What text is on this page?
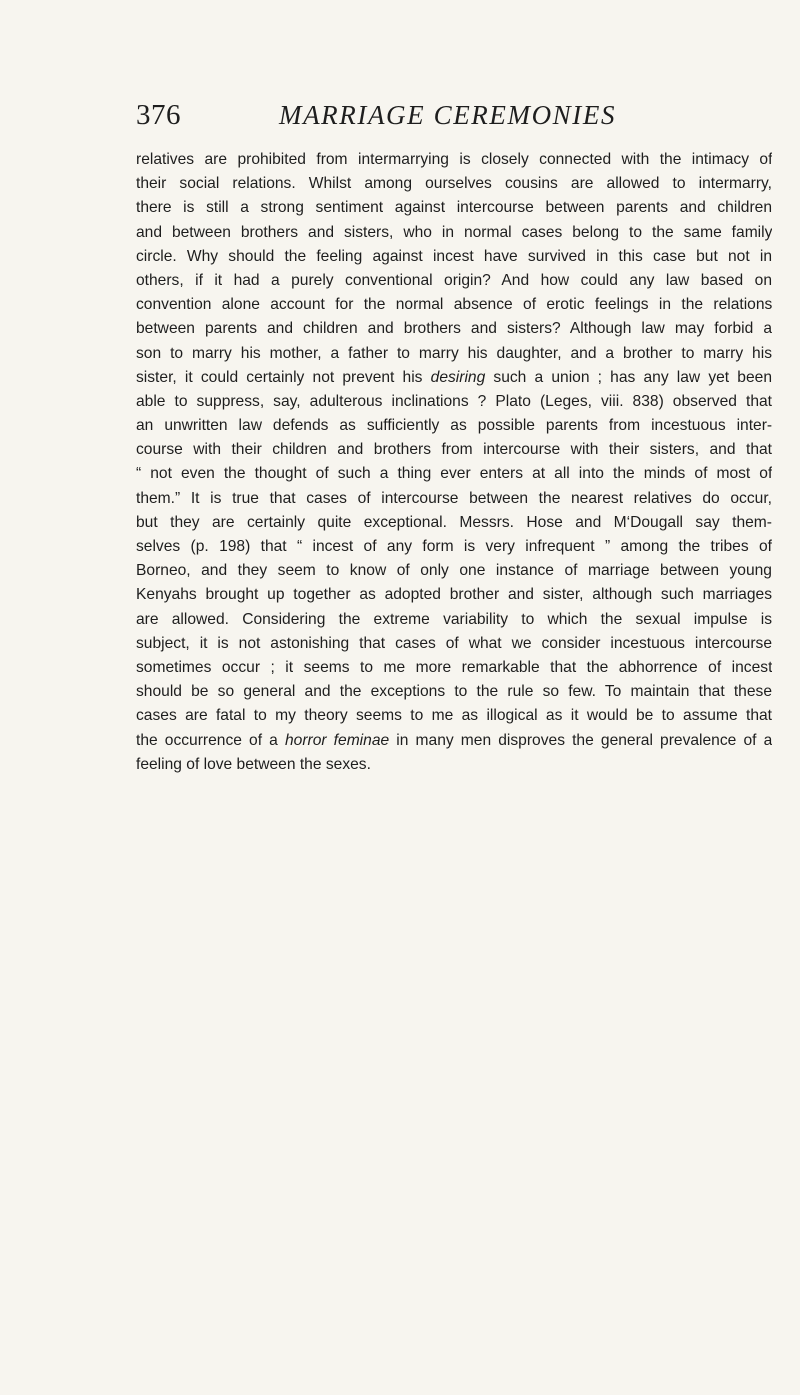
376	MARRIAGE CEREMONIES
relatives are prohibited from intermarrying is closely connected with the intimacy of
their social relations. Whilst among ourselves cousins are allowed to intermarry,
there is still a strong sentiment against intercourse between parents and children
and between brothers and sisters, who in normal cases belong to the same family
circle. Why should the feeling against incest have survived in this case but not in
others, if it had a purely conventional origin? And how could any law based on
convention alone account for the normal absence of erotic feelings in the relations
between parents and children and brothers and sisters? Although law may forbid a
son to marry his mother, a father to marry his daughter, and a brother to marry his
sister, it could certainly not prevent his desiring such a union ; has any law yet been
able to suppress, say, adulterous inclinations ? Plato (Leges, viii. 838) observed that
an unwritten law defends as sufficiently as possible parents from incestuous inter-
course with their children and brothers from intercourse with their sisters, and that
“ not even the thought of such a thing ever enters at all into the minds of most of
them.” It is true that cases of intercourse between the nearest relatives do occur,
but they are certainly quite exceptional. Messrs. Hose and M‘Dougall say them-
selves (p. 198) that “ incest of any form is very infrequent ” among the tribes of
Borneo, and they seem to know of only one instance of marriage between young
Kenyahs brought up together as adopted brother and sister, although such marriages
are allowed. Considering the extreme variability to which the sexual impulse is
subject, it is not astonishing that cases of what we consider incestuous intercourse
sometimes occur ; it seems to me more remarkable that the abhorrence of incest
should be so general and the exceptions to the rule so few. To maintain that these
cases are fatal to my theory seems to me as illogical as it would be to assume that
the occurrence of a horror feminae in many men disproves the general prevalence of a
feeling of love between the sexes.
